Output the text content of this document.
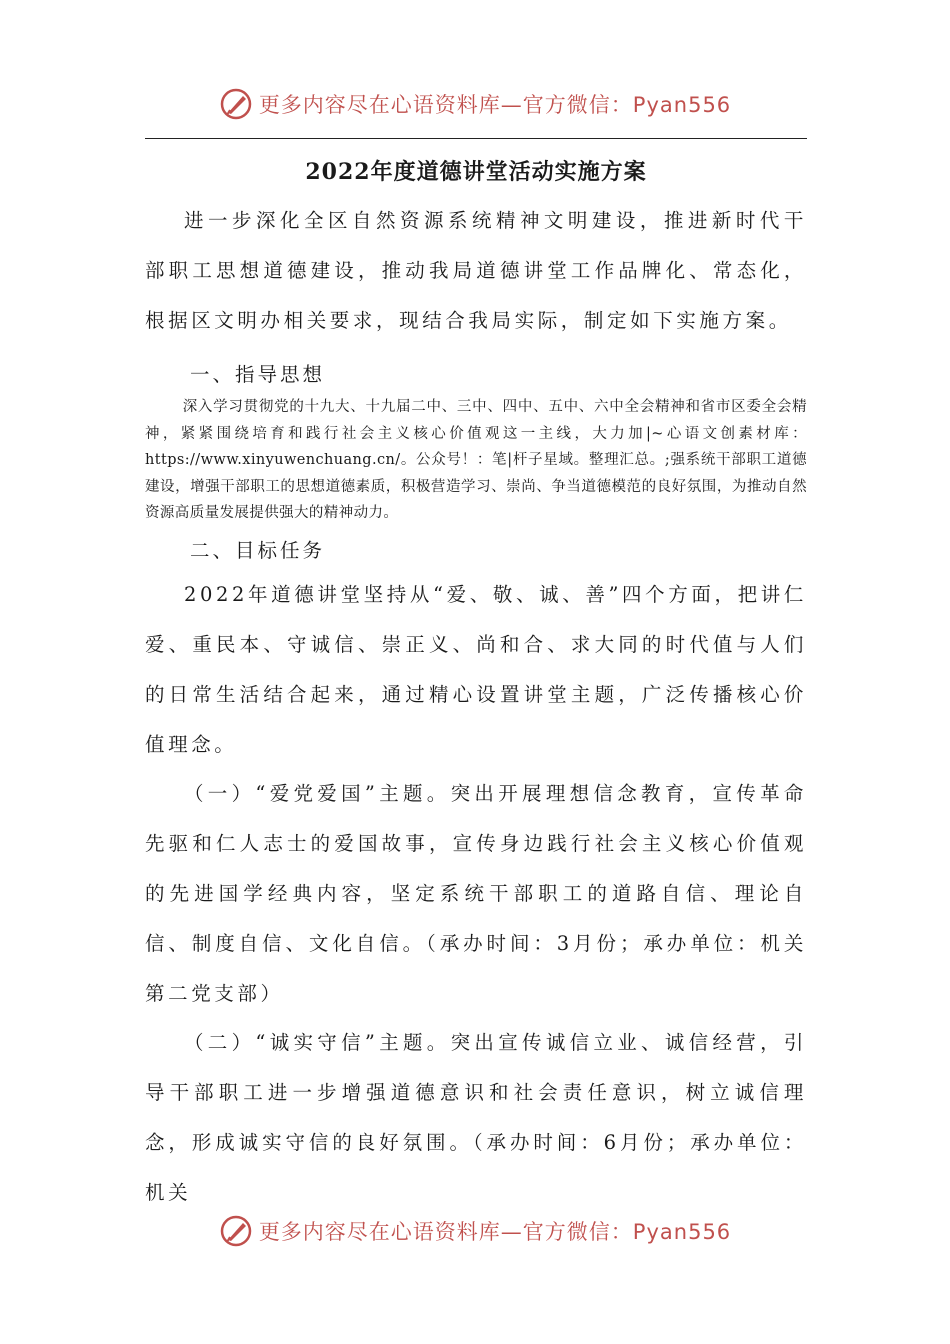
更多内容尽在心语资料库—官方微信：Pyan556
2022年度道德讲堂活动实施方案

进一步深化全区自然资源系统精神文明建设，推进新时代干部职工思想道德建设，推动我局道德讲堂工作品牌化、常态化，根据区文明办相关要求，现结合我局实际，制定如下实施方案。

一、指导思想

深入学习贯彻党的十九大、十九届二中、三中、四中、五中、六中全会精神和省市区委全会精神，紧紧围绕培育和践行社会主义核心价值观这一主线，大力加|~心语文创素材库：https://www.xinyuwenchuang.cn/。公众号！：笔|杆子星域。整理汇总。;强系统干部职工道德建设，增强干部职工的思想道德素质，积极营造学习、崇尚、争当道德模范的良好氛围，为推动自然资源高质量发展提供强大的精神动力。

二、目标任务

2022年道德讲堂坚持从“爱、敬、诚、善”四个方面，把讲仁爱、重民本、守诚信、崇正义、尚和合、求大同的时代值与人们的日常生活结合起来，通过精心设置讲堂主题，广泛传播核心价值理念。

（一）“爱党爱国”主题。突出开展理想信念教育，宣传革命先驱和仁人志士的爱国故事，宣传身边践行社会主义核心价值观的先进国学经典内容，坚定系统干部职工的道路自信、理论自信、制度自信、文化自信。（承办时间：3月份；承办单位：机关第二党支部）

（二）“诚实守信”主题。突出宣传诚信立业、诚信经营，引导干部职工进一步增强道德意识和社会责任意识，树立诚信理念，形成诚实守信的良好氛围。（承办时间：6月份；承办单位：机关

更多内容尽在心语资料库—官方微信：Pyan556
